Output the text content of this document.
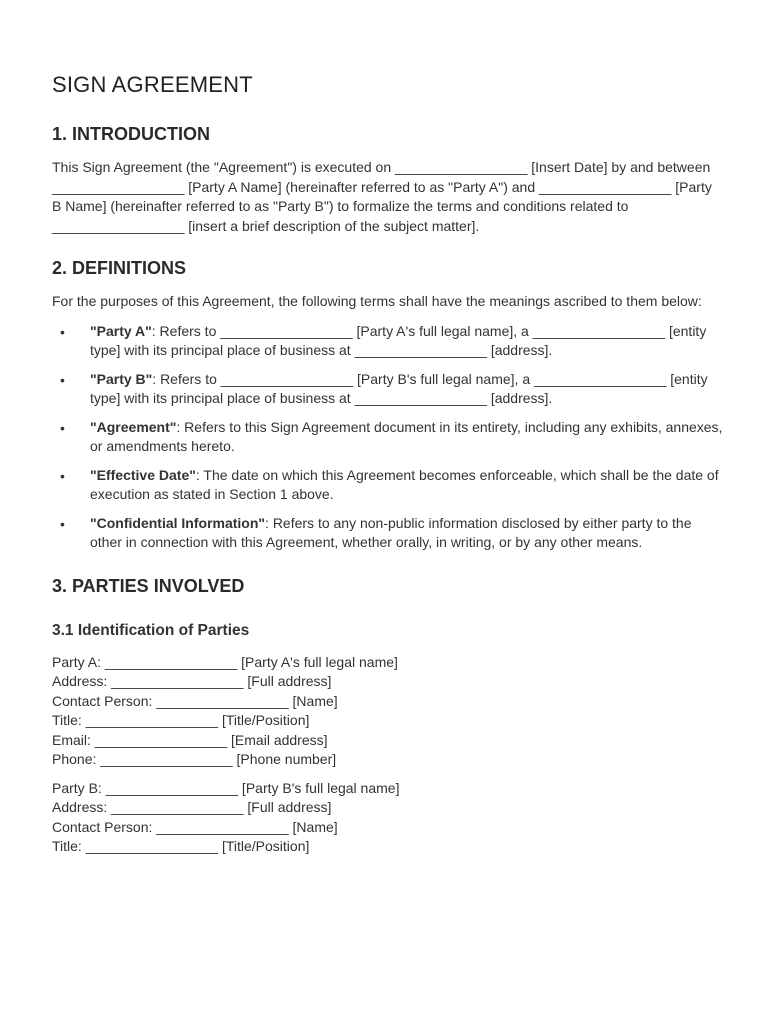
SIGN AGREEMENT
1. INTRODUCTION

This Sign Agreement (the "Agreement") is executed on _________________ [Insert Date] by and between _________________ [Party A Name] (hereinafter referred to as "Party A") and _________________ [Party B Name] (hereinafter referred to as "Party B") to formalize the terms and conditions related to _________________ [insert a brief description of the subject matter].

2. DEFINITIONS

For the purposes of this Agreement, the following terms shall have the meanings ascribed to them below:

• "Party A": Refers to _________________ [Party A's full legal name], a _________________ [entity type] with its principal place of business at _________________ [address].
• "Party B": Refers to _________________ [Party B's full legal name], a _________________ [entity type] with its principal place of business at _________________ [address].
• "Agreement": Refers to this Sign Agreement document in its entirety, including any exhibits, annexes, or amendments hereto.
• "Effective Date": The date on which this Agreement becomes enforceable, which shall be the date of execution as stated in Section 1 above.
• "Confidential Information": Refers to any non-public information disclosed by either party to the other in connection with this Agreement, whether orally, in writing, or by any other means.
3. PARTIES INVOLVED
3.1 Identification of Parties

Party A: _________________ [Party A's full legal name]

Address: _________________ [Full address]

Contact Person: _________________ [Name]

Title: _________________ [Title/Position]

Email: _________________ [Email address]

Phone: _________________ [Phone number]

Party B: _________________ [Party B's full legal name]

Address: _________________ [Full address]

Contact Person: _________________ [Name]

Title: _________________ [Title/Position]
